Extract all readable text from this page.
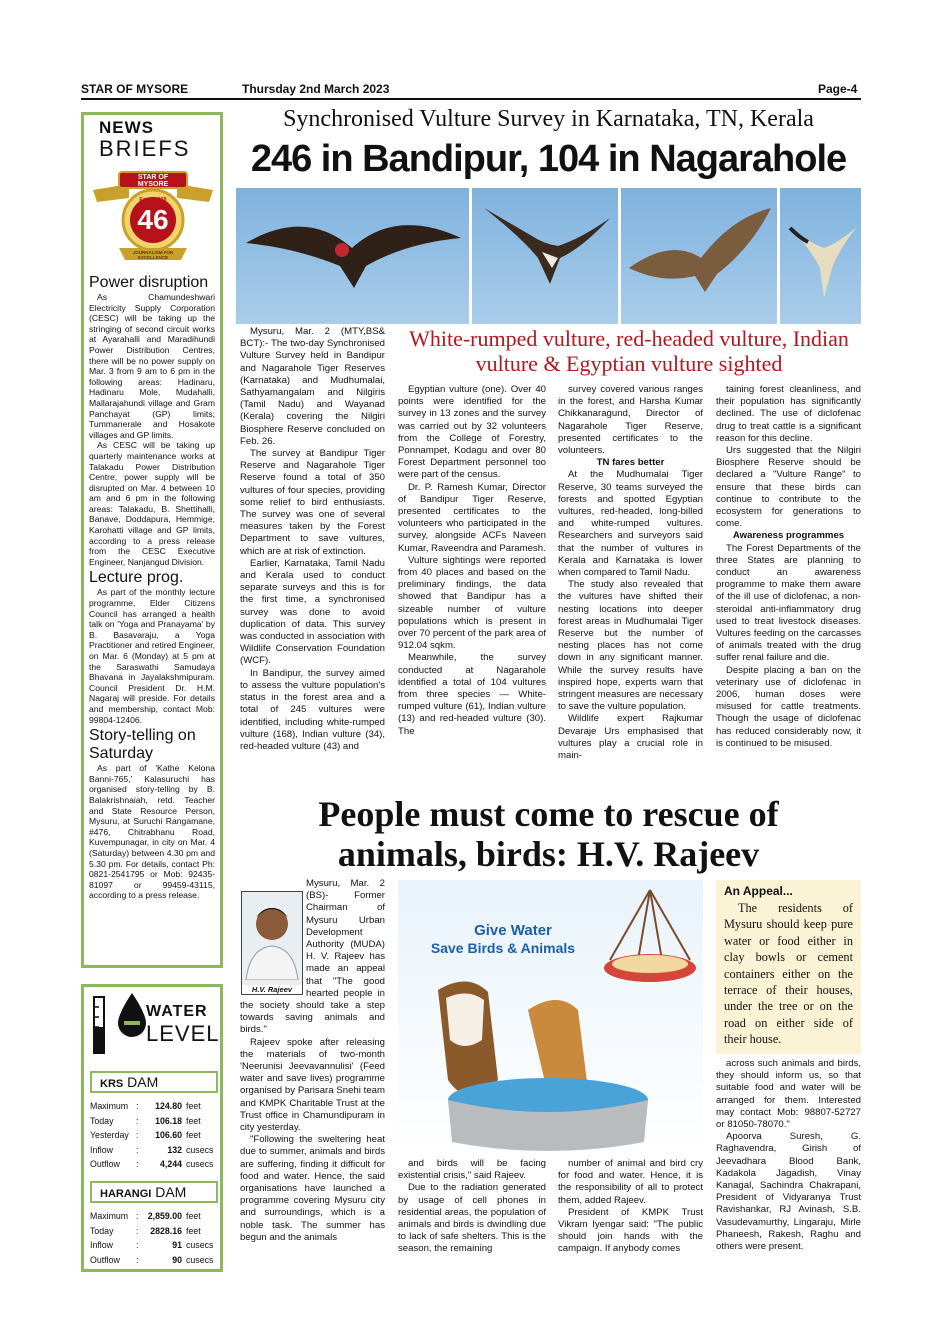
STAR OF MYSORE	Thursday 2nd March 2023	Page-4
NEWS
BRIEFS
STAR OF MYSORE
Estd. 1978
46
JOURNALISM FOR EXCELLENCE
Power disruption

As Chamundeshwari Electricity Supply Corporation (CESC) will be taking up the stringing of second circuit works at Ayarahalli and Maradihundi Power Distribution Centres, there will be no power supply on Mar. 3 from 9 am to 6 pm in the following areas: Hadinaru, Hadinaru Mole, Mudahalli, Mallarajahundi village and Gram Panchayat (GP) limits; Tummanerale and Hosakote villages and GP limits.

As CESC will be taking up quarterly maintenance works at Talakadu Power Distribution Centre, power supply will be disrupted on Mar. 4 between 10 am and 6 pm in the following areas: Talakadu, B. Shettihalli, Banave, Doddapura, Hemmige, Karohatti village and GP limits, according to a press release from the CESC Executive Engineer, Nanjangud Division.

Lecture prog.

As part of the monthly lecture programme, Elder Citizens Council has arranged a health talk on 'Yoga and Pranayama' by B. Basavaraju, a Yoga Practitioner and retired Engineer, on Mar. 6 (Monday) at 5 pm at the Saraswathi Samudaya Bhavana in Jayalakshmipuram. Council President Dr. H.M. Nagaraj will preside. For details and membership, contact Mob: 99804-12406.

Story-telling on Saturday

As part of 'Kathe Kelona Banni-765,' Kalasuruchi has organised story-telling by B. Balakrishnaiah, retd. Teacher and State Resource Person, Mysuru, at Suruchi Rangamane, #476, Chitrabhanu Road, Kuvempunagar, in city on Mar. 4 (Saturday) between 4.30 pm and 5.30 pm. For details, contact Ph: 0821-2541795 or Mob: 92435-81097 or 99459-43115, according to a press release.

WATER
LEVEL
KRS DAM
Maximum :	124.80 feet
Today	:	106.18 feet
Yesterday :	106.60 feet
Inflow	:	132 cusecs
Outflow	:	4,244 cusecs
HARANGI DAM
Maximum :	2,859.00 feet
Today	:	2828.16 feet
Inflow	:	91 cusecs
Outflow	:	90 cusecs
Synchronised Vulture Survey in Karnataka, TN, Kerala
246 in Bandipur, 104 in Nagarahole
White-rumped vulture, red-headed vulture, Indian vulture & Egyptian vulture sighted

Mysuru, Mar. 2 (MTY,BS& BCT):- The two-day Synchronised Vulture Survey held in Bandipur and Nagarahole Tiger Reserves (Karnataka) and Mudhumalai, Sathyamangalam and Nilgiris (Tamil Nadu) and Wayanad (Kerala) covering the Nilgiri Biosphere Reserve concluded on Feb. 26.

The survey at Bandipur Tiger Reserve and Nagarahole Tiger Reserve found a total of 350 vultures of four species, providing some relief to bird enthusiasts. The survey was one of several measures taken by the Forest Department to save vultures, which are at risk of extinction.

Earlier, Karnataka, Tamil Nadu and Kerala used to conduct separate surveys and this is for the first time, a synchronised survey was done to avoid duplication of data. This survey was conducted in association with Wildlife Conservation Foundation (WCF).

In Bandipur, the survey aimed to assess the vulture population's status in the forest area and a total of 245 vultures were identified, including white-rumped vulture (168), Indian vulture (34), red-headed vulture (43) and

Egyptian vulture (one). Over 40 points were identified for the survey in 13 zones and the survey was carried out by 32 volunteers from the College of Forestry, Ponnampet, Kodagu and over 80 Forest Department personnel too were part of the census.

Dr. P. Ramesh Kumar, Director of Bandipur Tiger Reserve, presented certificates to the volunteers who participated in the survey, alongside ACFs Naveen Kumar, Raveendra and Paramesh.

Vulture sightings were reported from 40 places and based on the preliminary findings, the data showed that Bandipur has a sizeable number of vulture populations which is present in over 70 percent of the park area of 912.04 sqkm.

Meanwhile, the survey conducted at Nagarahole identified a total of 104 vultures from three species — White-rumped vulture (61), Indian vulture (13) and red-headed vulture (30). The

survey covered various ranges in the forest, and Harsha Kumar Chikkanaragund, Director of Nagarahole Tiger Reserve, presented certificates to the volunteers.

TN fares better

At the Mudhumalai Tiger Reserve, 30 teams surveyed the forests and spotted Egyptian vultures, red-headed, long-billed and white-rumped vultures. Researchers and surveyors said that the number of vultures in Kerala and Karnataka is lower when compared to Tamil Nadu.

The study also revealed that the vultures have shifted their nesting locations into deeper forest areas in Mudhumalai Tiger Reserve but the number of nesting places has not come down in any significant manner. While the survey results have inspired hope, experts warn that stringent measures are necessary to save the vulture population.

Wildlife expert Rajkumar Devaraje Urs emphasised that vultures play a crucial role in main-

taining forest cleanliness, and their population has significantly declined. The use of diclofenac drug to treat cattle is a significant reason for this decline.

Urs suggested that the Nilgiri Biosphere Reserve should be declared a "Vulture Range" to ensure that these birds can continue to contribute to the ecosystem for generations to come.

Awareness programmes

The Forest Departments of the three States are planning to conduct an awareness programme to make them aware of the ill use of diclofenac, a non-steroidal anti-inflammatory drug used to treat livestock diseases. Vultures feeding on the carcasses of animals treated with the drug suffer renal failure and die.

Despite placing a ban on the veterinary use of diclofenac in 2006, human doses were misused for cattle treatments. Though the usage of diclofenac has reduced considerably now, it is continued to be misused.

People must come to rescue of
animals, birds: H.V. Rajeev
H.V. Rajeev
Mysuru, Mar. 2 (BS)- Former Chairman of Mysuru Urban Development Authority (MUDA) H. V. Rajeev has made an appeal that "The good hearted people in the society should take a step towards saving animals and birds."

Rajeev spoke after releasing the materials of two-month 'Neerunisi Jeevavannulisi' (Feed water and save lives) programme organised by Parisara Snehi team and KMPK Charitable Trust at the Trust office in Chamundipuram in city yesterday.

"Following the sweltering heat due to summer, animals and birds are suffering, finding it difficult for food and water. Hence, the said organisations have launched a programme covering Mysuru city and surroundings, which is a noble task. The summer has begun and the animals

Give Water
Save Birds & Animals

and birds will be facing existential crisis," said Rajeev.

Due to the radiation generated by usage of cell phones in residential areas, the population of animals and birds is dwindling due to lack of safe shelters. This is the season, the remaining

number of animal and bird cry for food and water. Hence, it is the responsibility of all to protect them, added Rajeev.

President of KMPK Trust Vikram Iyengar said: "The public should join hands with the campaign. If anybody comes

An Appeal...
The residents of Mysuru should keep pure water or food either in clay bowls or cement containers either on the terrace of their houses, under the tree or on the road on either side of their house.

across such animals and birds, they should inform us, so that suitable food and water will be arranged for them. Interested may contact Mob: 98807-52727 or 81050-78070."

Apoorva Suresh, G. Raghavendra, Girish of Jeevadhara Blood Bank, Kadakola Jagadish, Vinay Kanagal, Sachindra Chakrapani, President of Vidyaranya Trust Ravishankar, RJ Avinash, S.B. Vasudevamurthy, Lingaraju, Mirle Phaneesh, Rakesh, Raghu and others were present.
